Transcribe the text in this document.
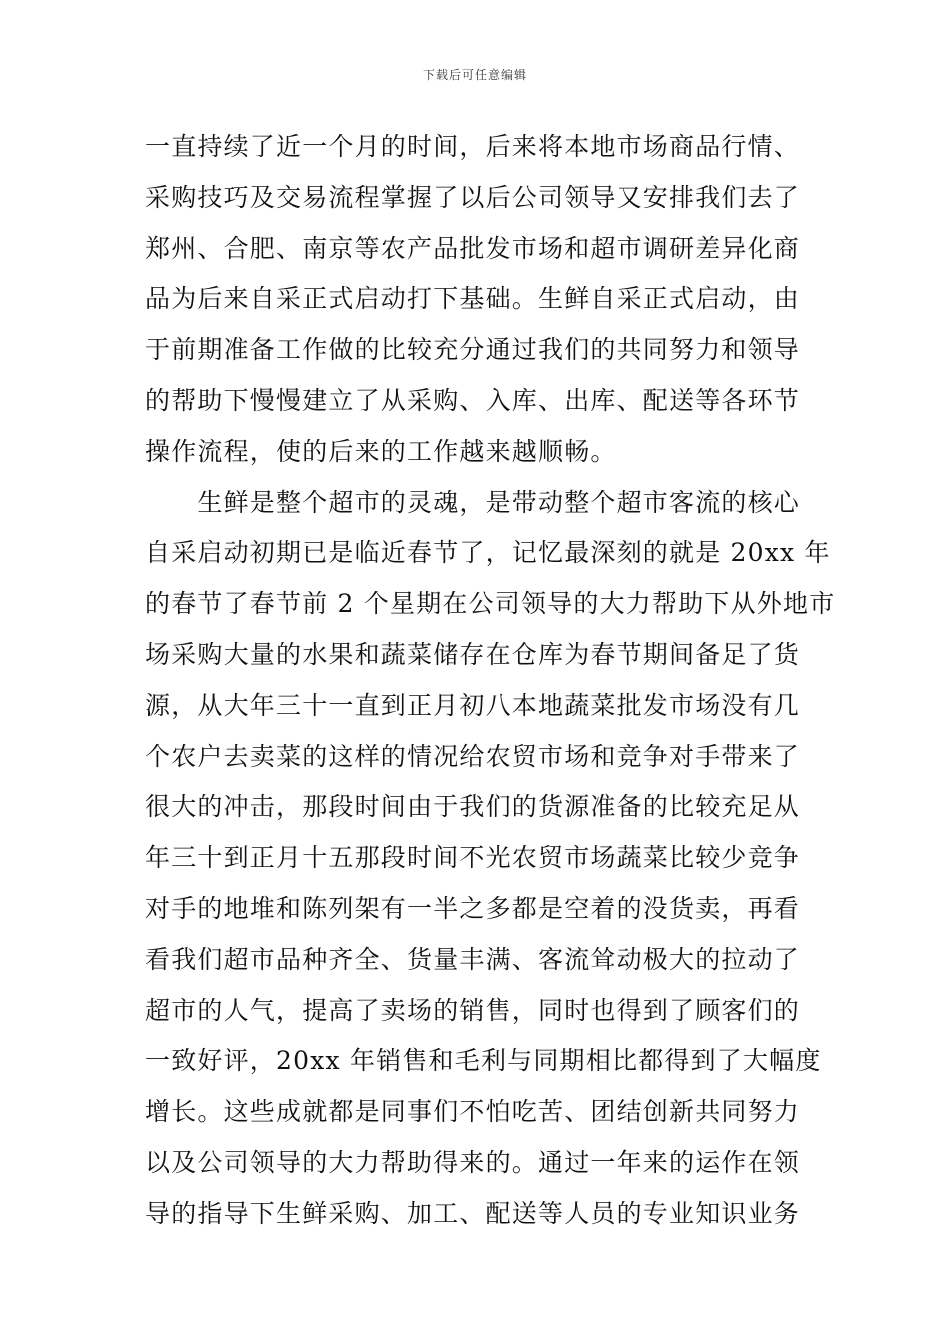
下载后可任意编辑
一直持续了近一个月的时间，后来将本地市场商品行情、
采购技巧及交易流程掌握了以后公司领导又安排我们去了
郑州、合肥、南京等农产品批发市场和超市调研差异化商
品为后来自采正式启动打下基础。生鲜自采正式启动，由
于前期准备工作做的比较充分通过我们的共同努力和领导
的帮助下慢慢建立了从采购、入库、出库、配送等各环节
操作流程，使的后来的工作越来越顺畅。
　　生鲜是整个超市的灵魂，是带动整个超市客流的核心
自采启动初期已是临近春节了，记忆最深刻的就是 20xx 年
的春节了春节前 2 个星期在公司领导的大力帮助下从外地市
场采购大量的水果和蔬菜储存在仓库为春节期间备足了货
源，从大年三十一直到正月初八本地蔬菜批发市场没有几
个农户去卖菜的这样的情况给农贸市场和竞争对手带来了
很大的冲击，那段时间由于我们的货源准备的比较充足从
年三十到正月十五那段时间不光农贸市场蔬菜比较少竞争
对手的地堆和陈列架有一半之多都是空着的没货卖，再看
看我们超市品种齐全、货量丰满、客流耸动极大的拉动了
超市的人气，提高了卖场的销售，同时也得到了顾客们的
一致好评，20xx 年销售和毛利与同期相比都得到了大幅度
增长。这些成就都是同事们不怕吃苦、团结创新共同努力
以及公司领导的大力帮助得来的。通过一年来的运作在领
导的指导下生鲜采购、加工、配送等人员的专业知识业务
